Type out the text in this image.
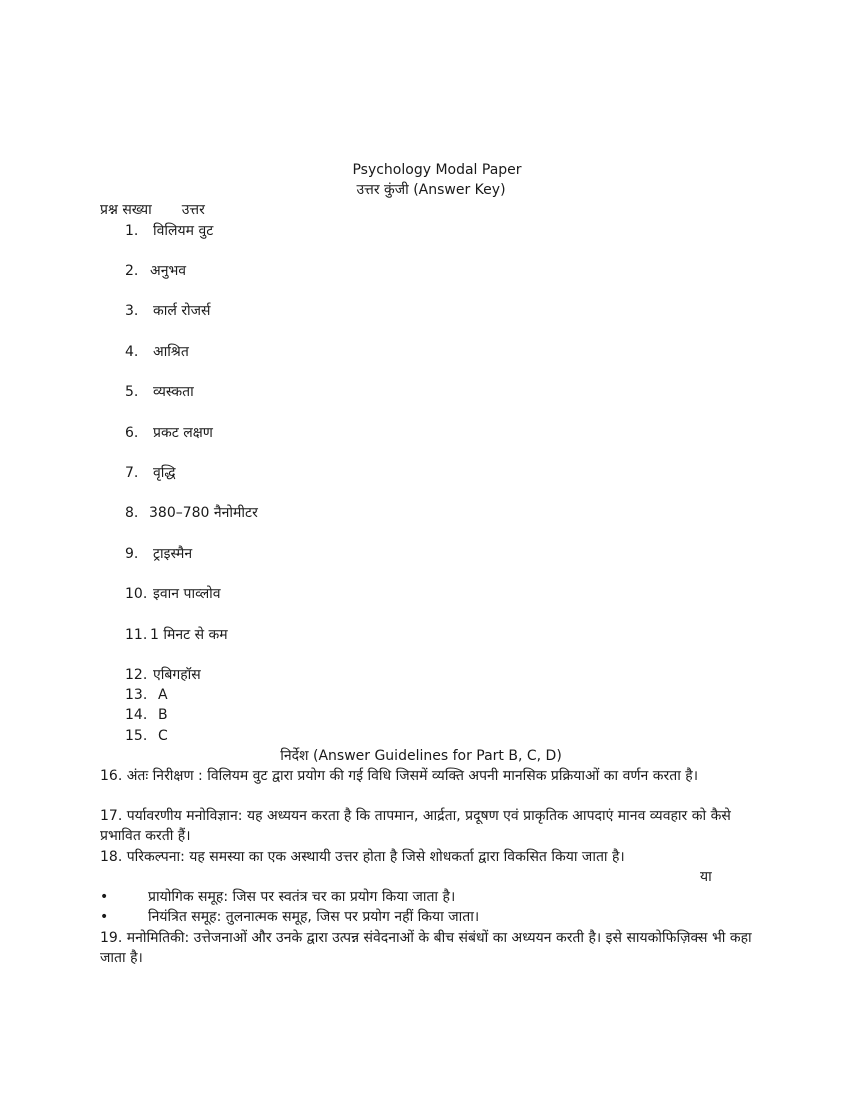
Psychology Modal Paper
उत्तर कुंजी (Answer Key)
प्रश्न सख्या उत्तर
1. विलियम वुट
2. अनुभव
3. कार्ल रोजर्स
4. आश्रित
5. व्यस्कता
6. प्रकट लक्षण
7. वृद्धि
8. 380–780 नैनोमीटर
9. ट्राइस्मैन
10. इवान पाव्लोव
11. 1 मिनट से कम
12. एबिगहॉस
13. A
14. B
15. C
निर्देश (Answer Guidelines for Part B, C, D)
16. अंतः निरीक्षण : विलियम वुट द्वारा प्रयोग की गई विधि जिसमें व्यक्ति अपनी मानसिक प्रक्रियाओं का वर्णन करता है।
17. पर्यावरणीय मनोविज्ञान: यह अध्ययन करता है कि तापमान, आर्द्रता, प्रदूषण एवं प्राकृतिक आपदाएं मानव व्यवहार को कैसे प्रभावित करती हैं।
18. परिकल्पना: यह समस्या का एक अस्थायी उत्तर होता है जिसे शोधकर्ता द्वारा विकसित किया जाता है।
या
•	प्रायोगिक समूह: जिस पर स्वतंत्र चर का प्रयोग किया जाता है।
•	नियंत्रित समूह: तुलनात्मक समूह, जिस पर प्रयोग नहीं किया जाता।
19. मनोमितिकी: उत्तेजनाओं और उनके द्वारा उत्पन्न संवेदनाओं के बीच संबंधों का अध्ययन करती है। इसे सायकोफिज़िक्स भी कहा जाता है।
